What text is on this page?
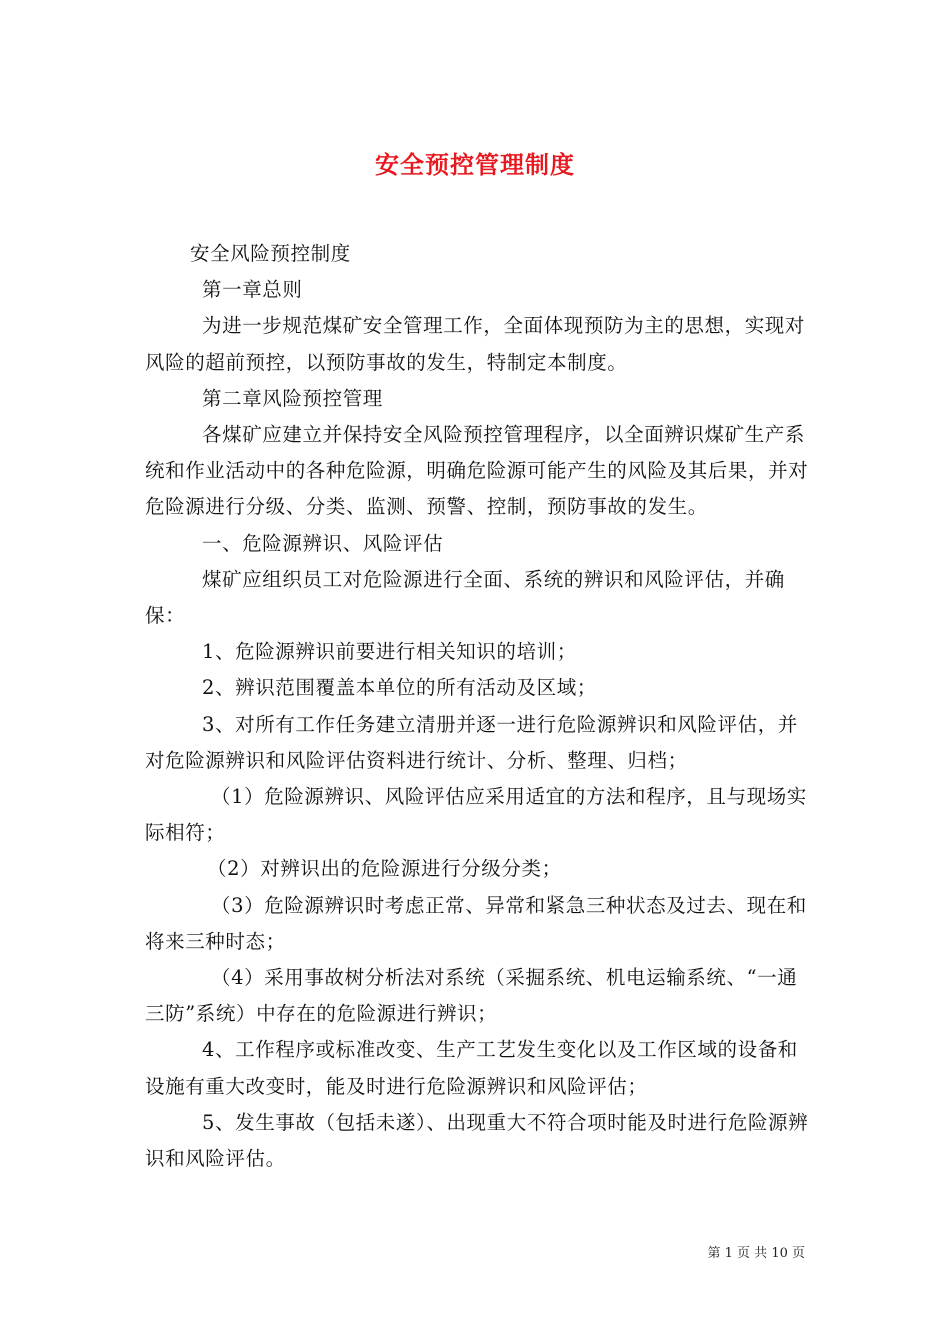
安全预控管理制度

安全风险预控制度

第一章总则

为进一步规范煤矿安全管理工作，全面体现预防为主的思想，实现对风险的超前预控，以预防事故的发生，特制定本制度。

第二章风险预控管理

各煤矿应建立并保持安全风险预控管理程序，以全面辨识煤矿生产系统和作业活动中的各种危险源，明确危险源可能产生的风险及其后果，并对危险源进行分级、分类、监测、预警、控制，预防事故的发生。

一、危险源辨识、风险评估

煤矿应组织员工对危险源进行全面、系统的辨识和风险评估，并确保：

1、危险源辨识前要进行相关知识的培训；

2、辨识范围覆盖本单位的所有活动及区域；

3、对所有工作任务建立清册并逐一进行危险源辨识和风险评估，并对危险源辨识和风险评估资料进行统计、分析、整理、归档；

（1）危险源辨识、风险评估应采用适宜的方法和程序，且与现场实际相符；

（2）对辨识出的危险源进行分级分类；

（3）危险源辨识时考虑正常、异常和紧急三种状态及过去、现在和将来三种时态；

（4）采用事故树分析法对系统（采掘系统、机电运输系统、“一通三防”系统）中存在的危险源进行辨识；

4、工作程序或标准改变、生产工艺发生变化以及工作区域的设备和设施有重大改变时，能及时进行危险源辨识和风险评估；

5、发生事故（包括未遂）、出现重大不符合项时能及时进行危险源辨识和风险评估。

第 1 页 共 10 页
